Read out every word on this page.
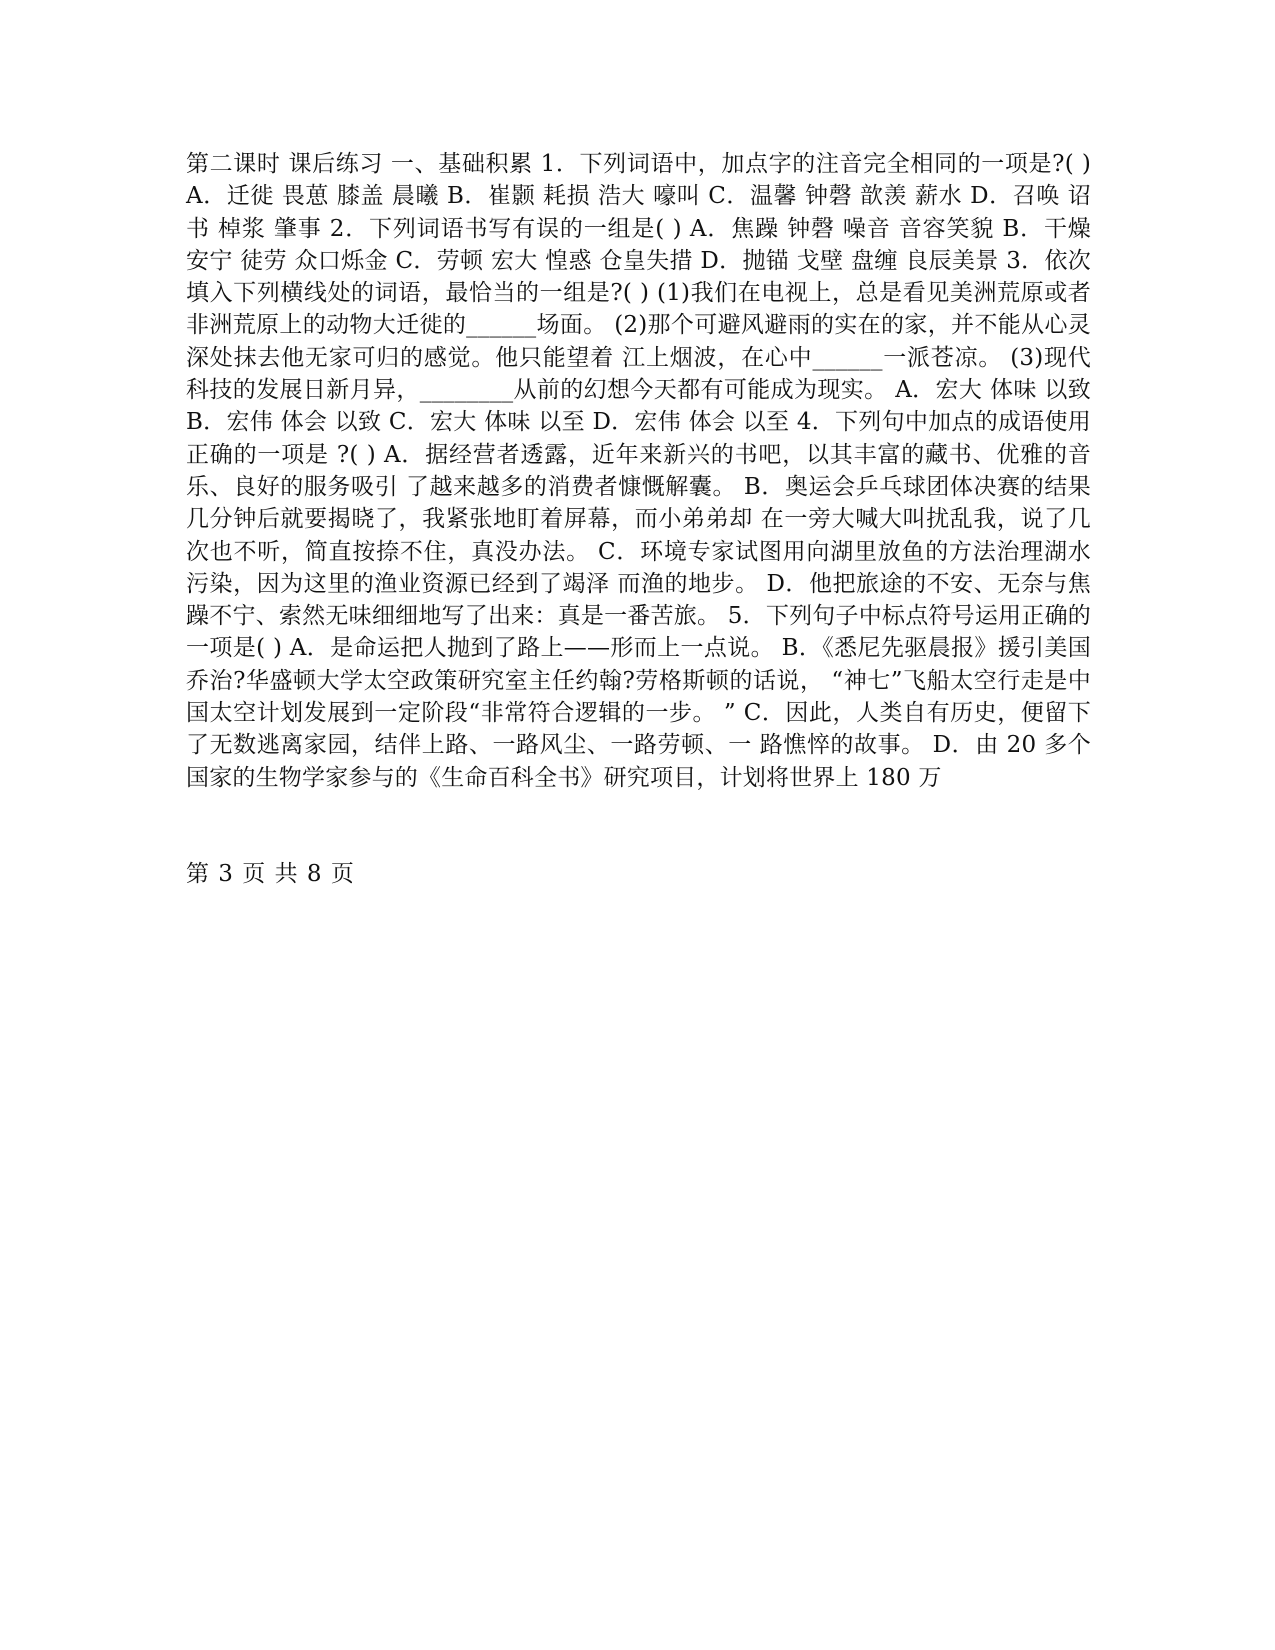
第二课时 课后练习 一、基础积累 1．下列词语中，加点字的注音完全相同的一项是?( ) A．迁徙 畏葸 膝盖 晨曦 B．崔颢 耗损 浩大 嚎叫 C．温馨 钟磬 歆羡 薪水 D．召唤 诏书 棹浆 肇事 2．下列词语书写有误的一组是( ) A．焦躁 钟磬 噪音 音容笑貌 B．干燥 安宁 徒劳 众口烁金 C．劳顿 宏大 惶惑 仓皇失措 D．抛锚 戈壁 盘缠 良辰美景 3．依次填入下列横线处的词语，最恰当的一组是?( ) (1)我们在电视上，总是看见美洲荒原或者非洲荒原上的动物大迁徙的______场面。 (2)那个可避风避雨的实在的家，并不能从心灵深处抹去他无家可归的感觉。他只能望着 江上烟波，在心中______一派苍凉。 (3)现代科技的发展日新月异，________从前的幻想今天都有可能成为现实。 A．宏大 体味 以致 B．宏伟 体会 以致 C．宏大 体味 以至 D．宏伟 体会 以至 4．下列句中加点的成语使用正确的一项是 ?( ) A．据经营者透露，近年来新兴的书吧，以其丰富的藏书、优雅的音乐、良好的服务吸引 了越来越多的消费者慷慨解囊。 B．奥运会乒乓球团体决赛的结果几分钟后就要揭晓了，我紧张地盯着屏幕，而小弟弟却 在一旁大喊大叫扰乱我，说了几次也不听，简直按捺不住，真没办法。 C．环境专家试图用向湖里放鱼的方法治理湖水污染，因为这里的渔业资源已经到了竭泽 而渔的地步。 D．他把旅途的不安、无奈与焦躁不宁、索然无味细细地写了出来：真是一番苦旅。 5．下列句子中标点符号运用正确的一项是( ) A．是命运把人抛到了路上——形而上一点说。 B．《悉尼先驱晨报》援引美国乔治?华盛顿大学太空政策研究室主任约翰?劳格斯顿的话说， “神七”飞船太空行走是中国太空计划发展到一定阶段“非常符合逻辑的一步。 ” C．因此，人类自有历史，便留下了无数逃离家园，结伴上路、一路风尘、一路劳顿、一 路憔悴的故事。 D．由 20 多个国家的生物学家参与的《生命百科全书》研究项目，计划将世界上 180 万

第 3 页 共 8 页
